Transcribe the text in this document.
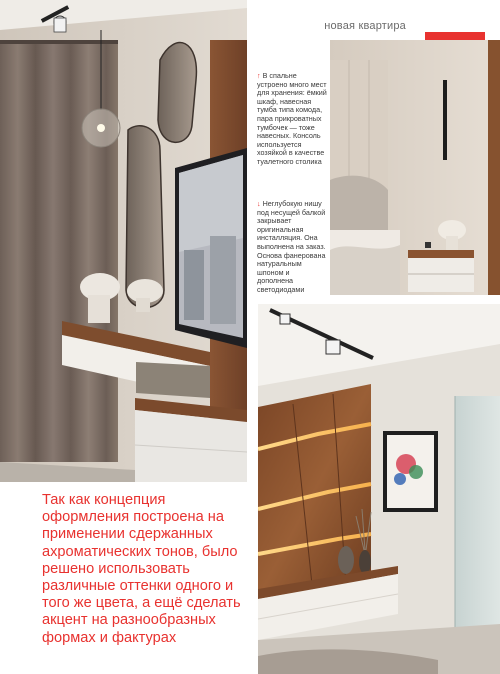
новая квартира
↑ В спальне устроено много мест для хранения: ёмкий шкаф, навесная тумба типа комода, пара прикроватных тумбочек — тоже навесных. Консоль используется хозяйкой в качестве туалетного столика
↓ Неглубокую нишу под несущей балкой закрывает оригинальная инсталляция. Она выполнена на заказ. Основа фанерована натуральным шпоном и дополнена светодиодами
Так как концепция оформления построена на применении сдержанных ахроматических тонов, было решено использовать различные оттенки одного и того же цвета, а ещё сделать акцент на разнообразных формах и фактурах
